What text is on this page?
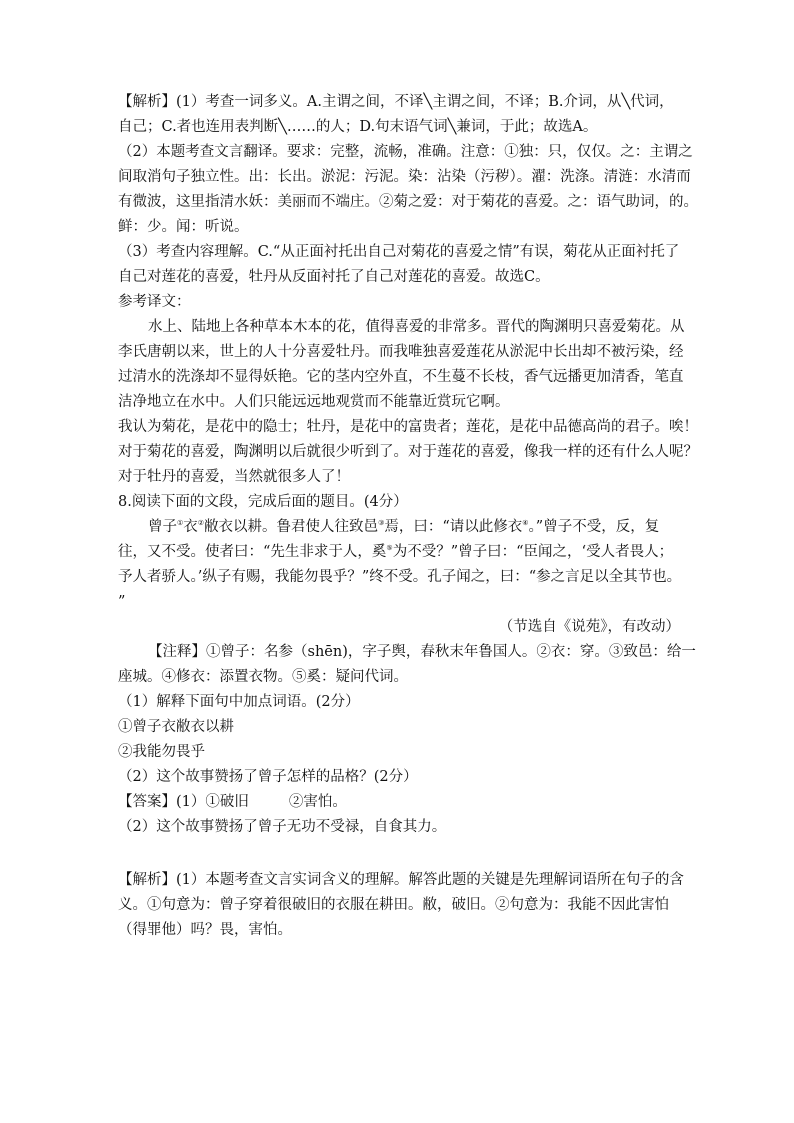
【解析】(1）考查一词多义。A.主谓之间，不译╲主谓之间，不译；B.介词，从╲代词，
自己；C.者也连用表判断╲……的人；D.句末语气词╲兼词，于此；故选A。
（2）本题考查文言翻译。要求：完整，流畅，准确。注意：①独：只，仅仅。之：主谓之
间取消句子独立性。出：长出。淤泥：污泥。染：沾染（污秽）。濯：洗涤。清涟：水清而
有微波，这里指清水妖：美丽而不端庄。②菊之爱：对于菊花的喜爱。之：语气助词，的。
鲜：少。闻：听说。
（3）考查内容理解。C.“从正面衬托出自己对菊花的喜爱之情”有误，菊花从正面衬托了
自己对莲花的喜爱，牡丹从反面衬托了自己对莲花的喜爱。故选C。
参考译文：
水上、陆地上各种草本木本的花，值得喜爱的非常多。晋代的陶渊明只喜爱菊花。从
李氏唐朝以来，世上的人十分喜爱牡丹。而我唯独喜爱莲花从淤泥中长出却不被污染，经
过清水的洗涤却不显得妖艳。它的茎内空外直，不生蔓不长枝，香气远播更加清香，笔直
洁净地立在水中。人们只能远远地观赏而不能靠近赏玩它啊。
我认为菊花，是花中的隐士；牡丹，是花中的富贵者；莲花，是花中品德高尚的君子。唉！
对于菊花的喜爱，陶渊明以后就很少听到了。对于莲花的喜爱，像我一样的还有什么人呢？
对于牡丹的喜爱，当然就很多人了！
8.阅读下面的文段，完成后面的题目。(4分）
曾子①衣②敝衣以耕。鲁君使人往致邑③焉，曰：“请以此修衣④。”曾子不受，反，复
往，又不受。使者曰：“先生非求于人，奚⑤为不受？”曾子曰：“臣闻之，‘受人者畏人；
予人者骄人。’纵子有赐，我能勿畏乎？”终不受。孔子闻之，曰：“参之言足以全其节也。
”
（节选自《说苑》，有改动）
【注释】①曾子：名参（shēn)，字子舆，春秋末年鲁国人。②衣：穿。③致邑：给一
座城。④修衣：添置衣物。⑤奚：疑问代词。
（1）解释下面句中加点词语。(2分）
①曾子衣敝衣以耕
②我能勿畏乎
（2）这个故事赞扬了曾子怎样的品格？(2分）
【答案】(1）①破旧	②害怕。
（2）这个故事赞扬了曾子无功不受禄，自食其力。
【解析】(1）本题考查文言实词含义的理解。解答此题的关键是先理解词语所在句子的含
义。①句意为：曾子穿着很破旧的衣服在耕田。敝，破旧。②句意为：我能不因此害怕
（得罪他）吗？畏，害怕。
